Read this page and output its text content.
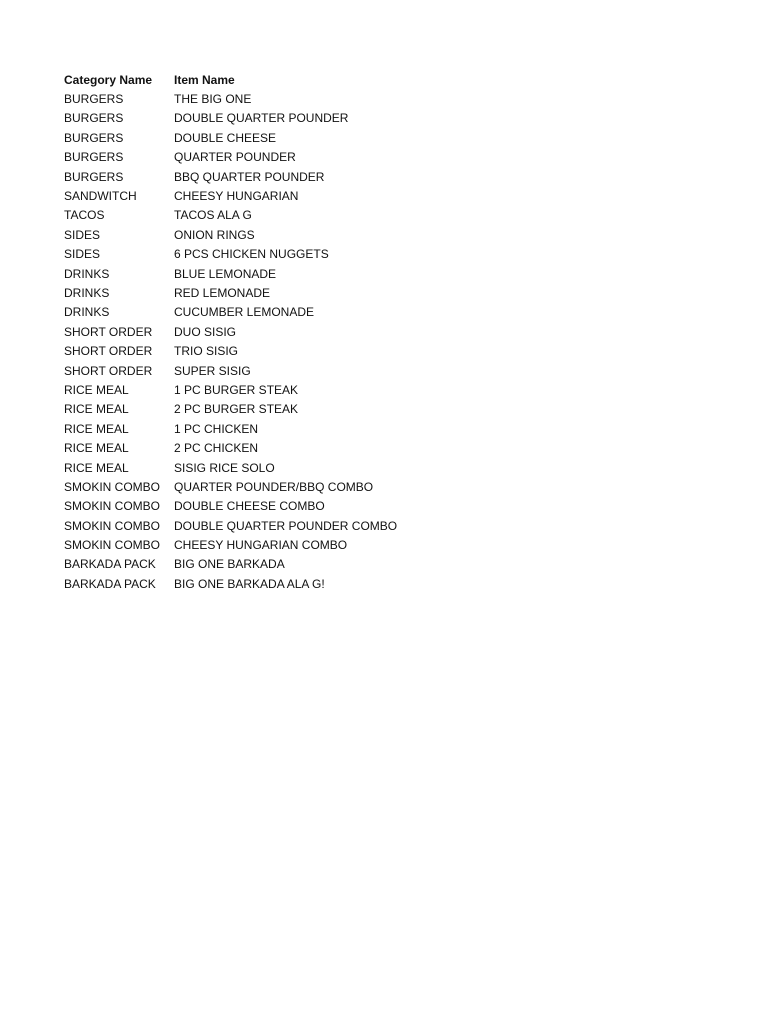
Category Name	Item Name
BURGERS	THE BIG ONE
BURGERS	DOUBLE QUARTER POUNDER
BURGERS	DOUBLE CHEESE
BURGERS	QUARTER POUNDER
BURGERS	BBQ QUARTER POUNDER
SANDWITCH	CHEESY HUNGARIAN
TACOS	TACOS ALA G
SIDES	ONION RINGS
SIDES	6 PCS CHICKEN NUGGETS
DRINKS	BLUE LEMONADE
DRINKS	RED LEMONADE
DRINKS	CUCUMBER LEMONADE
SHORT ORDER	DUO SISIG
SHORT ORDER	TRIO SISIG
SHORT ORDER	SUPER SISIG
RICE MEAL	1 PC BURGER STEAK
RICE MEAL	2 PC BURGER STEAK
RICE MEAL	1 PC CHICKEN
RICE MEAL	2 PC CHICKEN
RICE MEAL	SISIG RICE SOLO
SMOKIN COMBO	QUARTER POUNDER/BBQ COMBO
SMOKIN COMBO	DOUBLE CHEESE COMBO
SMOKIN COMBO	DOUBLE QUARTER POUNDER COMBO
SMOKIN COMBO	CHEESY HUNGARIAN COMBO
BARKADA PACK	BIG ONE BARKADA
BARKADA PACK	BIG ONE BARKADA ALA G!
